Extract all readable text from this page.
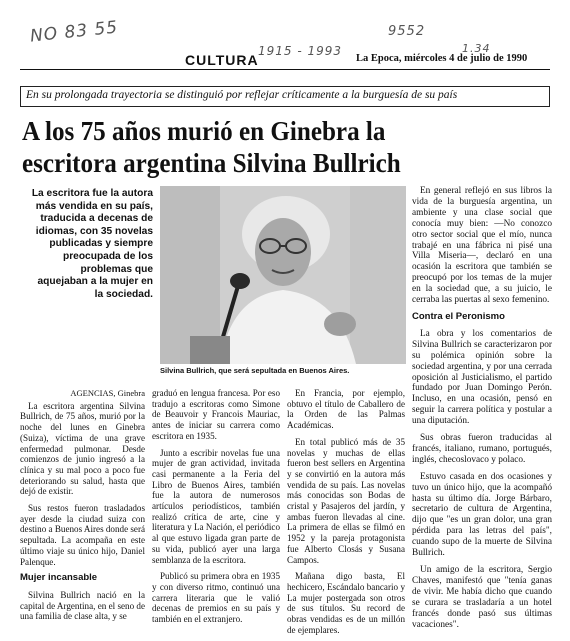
NO 83 55
1915 - 1993
9552
1.34
CULTURA	La Epoca, miércoles 4 de julio de 1990
En su prolongada trayectoria se distinguió por reflejar críticamente a la burguesía de su país
A los 75 años murió en Ginebra la
escritora argentina Silvina Bullrich
La escritora fue la autora más vendida en su país, traducida a decenas de idiomas, con 35 novelas publicadas y siempre preocupada de los problemas que aquejaban a la mujer en la sociedad.
Silvina Bullrich, que será sepultada en Buenos Aires.

En general reflejó en sus libros la vida de la burguesía argentina, un ambiente y una clase social que conocía muy bien: —No conozco otro sector social que el mío, nunca trabajé en una fábrica ni pisé una Villa Miseria—, declaró en una ocasión la escritora que también se preocupó por los temas de la mujer en la sociedad que, a su juicio, le cerraba las puertas al sexo femenino.

Contra el Peronismo

La obra y los comentarios de Silvina Bullrich se caracterizaron por su polémica opinión sobre la sociedad argentina, y por una cerrada oposición al Justicialismo, el partido fundado por Juan Domingo Perón. Incluso, en una ocasión, pensó en seguir la carrera política y postular a una diputación.

Sus obras fueron traducidas al francés, italiano, rumano, portugués, inglés, checoslovaco y polaco.

Estuvo casada en dos ocasiones y tuvo un único hijo, que la acompañó hasta su último día. Jorge Bárbaro, secretario de cultura de Argentina, dijo que "es un gran dolor, una gran pérdida para las letras del país", cuando supo de la muerte de Silvina Bullrich.

Un amigo de la escritora, Sergio Chaves, manifestó que "tenía ganas de vivir. Me había dicho que cuando se curara se trasladaría a un hotel francés donde pasó sus últimas vacaciones".

AGENCIAS, Ginebra

La escritora argentina Silvina Bullrich, de 75 años, murió por la noche del lunes en Ginebra (Suiza), víctima de una grave enfermedad pulmonar. Desde comienzos de junio ingresó a la clínica y su mal poco a poco fue deteriorando su salud, hasta que dejó de existir.

Sus restos fueron trasladados ayer desde la ciudad suiza con destino a Buenos Aires donde será sepultada. La acompaña en este último viaje su único hijo, Daniel Palenque.

Mujer incansable

Silvina Bullrich nació en la capital de Argentina, en el seno de una familia de clase alta, y se

graduó en lengua francesa. Por eso tradujo a escritoras como Simone de Beauvoir y Francois Mauriac, antes de iniciar su carrera como escritora en 1935.

Junto a escribir novelas fue una mujer de gran actividad, invitada casi permanente a la Feria del Libro de Buenos Aires, también fue la autora de numerosos artículos periodísticos, también realizó crítica de arte, cine y literatura y La Nación, el periódico al que estuvo ligada gran parte de su vida, publicó ayer una larga semblanza de la escritora.

Publicó su primera obra en 1935 y con diverso ritmo, continuó una carrera literaria que le valió decenas de premios en su país y también en el extranjero.

En Francia, por ejemplo, obtuvo el título de Caballero de la Orden de las Palmas Académicas.

En total publicó más de 35 novelas y muchas de ellas fueron best sellers en Argentina y se convirtió en la autora más vendida de su país. Las novelas más conocidas son Bodas de cristal y Pasajeros del jardín, y ambas fueron llevadas al cine. La primera de ellas se filmó en 1952 y la pareja protagonista fue Alberto Closás y Susana Campos.

Mañana digo basta, El hechicero, Escándalo bancario y La mujer postergada son otros de sus títulos. Su record de obras vendidas es de un millón de ejemplares.
